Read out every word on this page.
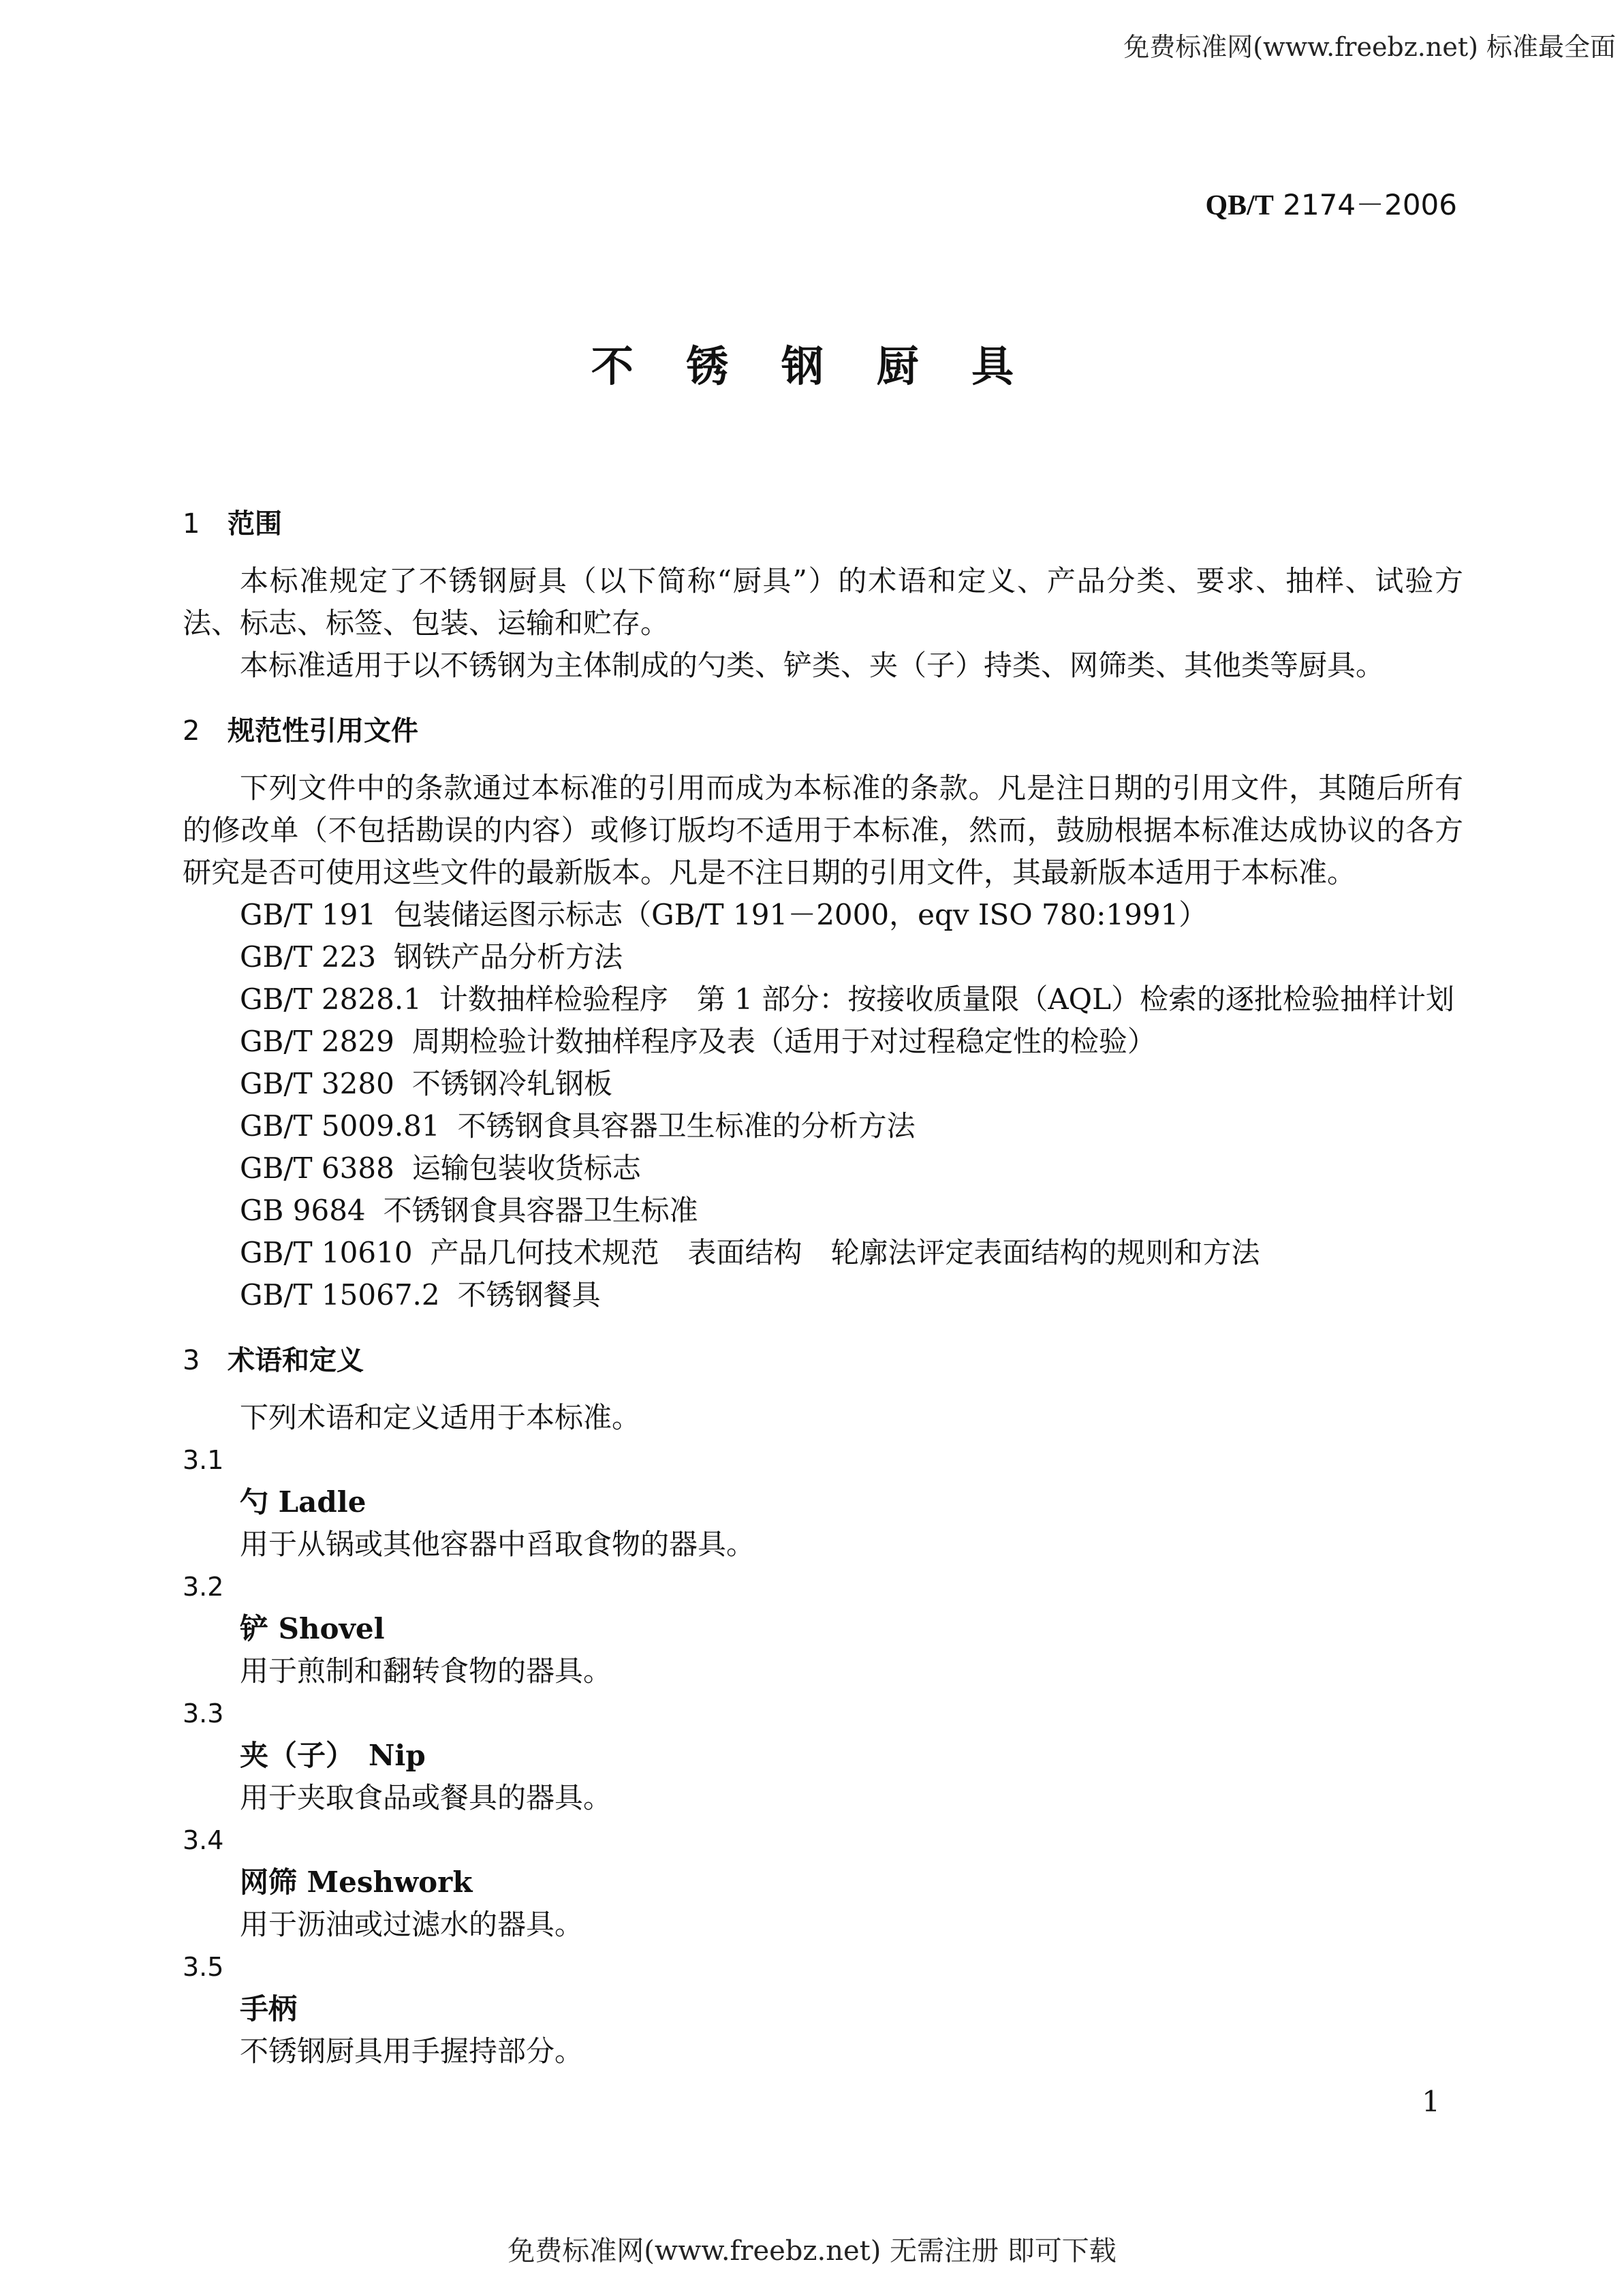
免费标准网(www.freebz.net) 标准最全面
QB/T 2174－2006
不 锈 钢 厨 具
1 范围

本标准规定了不锈钢厨具（以下简称“厨具”）的术语和定义、产品分类、要求、抽样、试验方法、标志、标签、包装、运输和贮存。

本标准适用于以不锈钢为主体制成的勺类、铲类、夹（子）持类、网筛类、其他类等厨具。

2 规范性引用文件

下列文件中的条款通过本标准的引用而成为本标准的条款。凡是注日期的引用文件，其随后所有的修改单（不包括勘误的内容）或修订版均不适用于本标准，然而，鼓励根据本标准达成协议的各方研究是否可使用这些文件的最新版本。凡是不注日期的引用文件，其最新版本适用于本标准。

GB/T 191 包装储运图示标志（GB/T 191－2000，eqv ISO 780:1991）

GB/T 223 钢铁产品分析方法

GB/T 2828.1 计数抽样检验程序　第 1 部分：按接收质量限（AQL）检索的逐批检验抽样计划

GB/T 2829 周期检验计数抽样程序及表（适用于对过程稳定性的检验）

GB/T 3280 不锈钢冷轧钢板

GB/T 5009.81 不锈钢食具容器卫生标准的分析方法

GB/T 6388 运输包装收货标志

GB 9684 不锈钢食具容器卫生标准

GB/T 10610 产品几何技术规范　表面结构　轮廓法评定表面结构的规则和方法

GB/T 15067.2 不锈钢餐具

3 术语和定义

下列术语和定义适用于本标准。

3.1

勺 Ladle

用于从锅或其他容器中舀取食物的器具。

3.2

铲 Shovel

用于煎制和翻转食物的器具。

3.3

夹（子）　Nip

用于夹取食品或餐具的器具。

3.4

网筛 Meshwork

用于沥油或过滤水的器具。

3.5

手柄

不锈钢厨具用手握持部分。

1
免费标准网(www.freebz.net) 无需注册 即可下载
